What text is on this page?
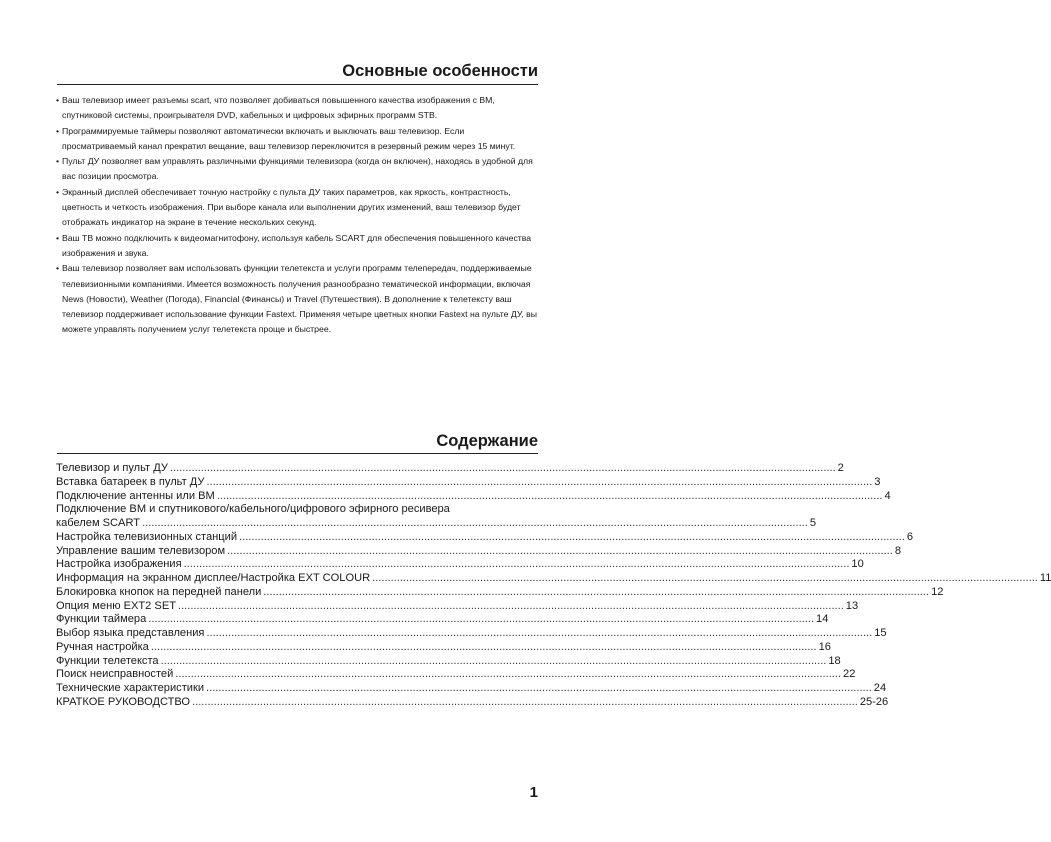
Основные особенности
• Ваш телевизор имеет разъемы scart, что позволяет добиваться повышенного качества изображения с ВМ, спутниковой системы, проигрывателя DVD, кабельных и цифровых эфирных программ STB.
• Программируемые таймеры позволяют автоматически включать и выключать ваш телевизор. Если просматриваемый канал прекратил вещание, ваш телевизор переключится в резервный режим через 15 минут.
• Пульт ДУ позволяет вам управлять различными функциями телевизора (когда он включен), находясь в удобной для вас позиции просмотра.
• Экранный дисплей обеспечивает точную настройку с пульта ДУ таких параметров, как яркость, контрастность, цветность и четкость изображения. При выборе канала или выполнении других изменений, ваш телевизор будет отображать индикатор на экране в течение нескольких секунд.
• Ваш ТВ можно подключить к видеомагнитофону, используя кабель SCART для обеспечения повышенного качества изображения и звука.
• Ваш телевизор позволяет вам использовать функции телетекста и услуги программ телепередач, поддерживаемые телевизионными компаниями. Имеется возможность получения разнообразно тематической информации, включая News (Новости), Weather (Погода), Financial (Финансы) и Travel (Путешествия). В дополнение к телетексту ваш телевизор поддерживает использование функции Fastext. Применяя четыре цветных кнопки Fastext на пульте ДУ, вы можете управлять получением услуг телетекста проще и быстрее.
Содержание
Телевизор и пульт ДУ ........................................................................................................................................................................................................................ 2
Вставка батареек в пульт ДУ ........................................................................................................................................................................................................................ 3
Подключение антенны или ВМ ........................................................................................................................................................................................................................ 4
Подключение ВМ и спутникового/кабельного/цифрового эфирного ресивера
кабелем SCART ........................................................................................................................................................................................................................ 5
Настройка телевизионных станций ........................................................................................................................................................................................................................ 6
Управление вашим телевизором ........................................................................................................................................................................................................................ 8
Настройка изображения ........................................................................................................................................................................................................................ 10
Информация на экранном дисплее/Настройка EXT COLOUR ........................................................................................................................................................................................................................ 11
Блокировка кнопок на передней панели ........................................................................................................................................................................................................................ 12
Опция меню EXT2 SET ........................................................................................................................................................................................................................ 13
Функции таймера ........................................................................................................................................................................................................................ 14
Выбор языка представления ........................................................................................................................................................................................................................ 15
Ручная настройка ........................................................................................................................................................................................................................ 16
Функции телетекста ........................................................................................................................................................................................................................ 18
Поиск неисправностей ........................................................................................................................................................................................................................ 22
Технические характеристики ........................................................................................................................................................................................................................ 24
КРАТКОЕ РУКОВОДСТВО ........................................................................................................................................................................................................................ 25-26
1
